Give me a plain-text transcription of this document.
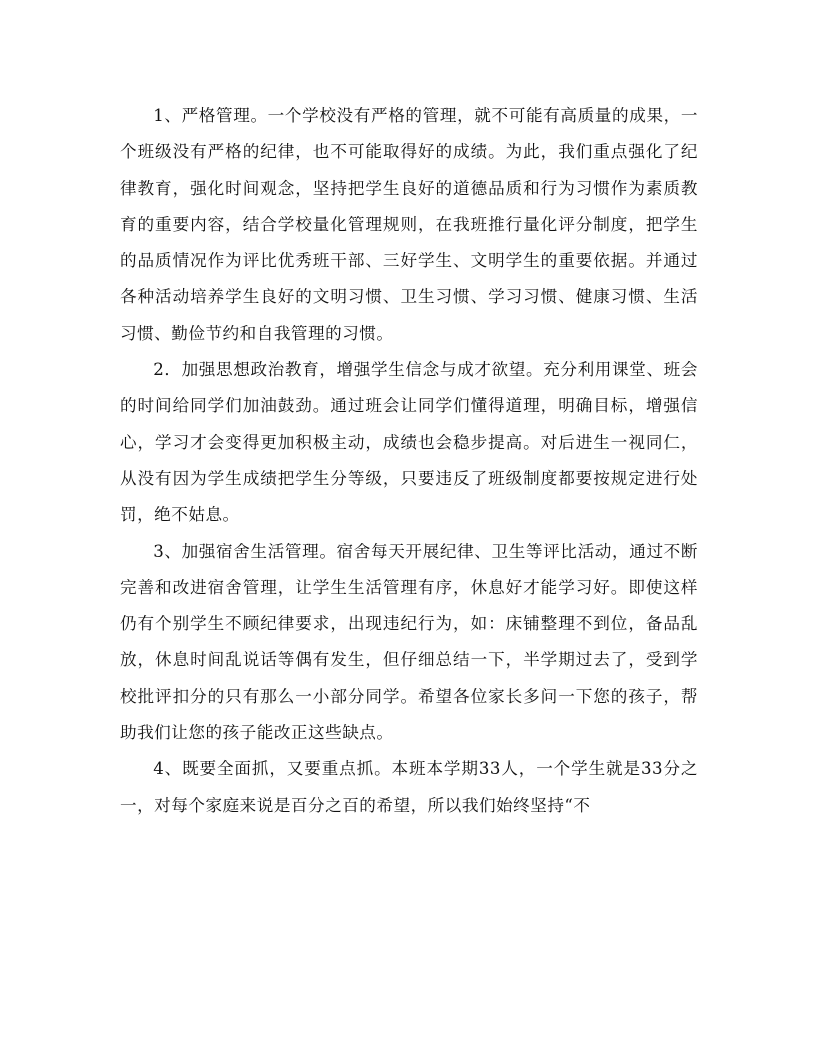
1、严格管理。一个学校没有严格的管理，就不可能有高质量的成果，一个班级没有严格的纪律，也不可能取得好的成绩。为此，我们重点强化了纪律教育，强化时间观念，坚持把学生良好的道德品质和行为习惯作为素质教育的重要内容，结合学校量化管理规则，在我班推行量化评分制度，把学生的品质情况作为评比优秀班干部、三好学生、文明学生的重要依据。并通过各种活动培养学生良好的文明习惯、卫生习惯、学习习惯、健康习惯、生活习惯、勤俭节约和自我管理的习惯。

2．加强思想政治教育，增强学生信念与成才欲望。充分利用课堂、班会的时间给同学们加油鼓劲。通过班会让同学们懂得道理，明确目标，增强信心，学习才会变得更加积极主动，成绩也会稳步提高。对后进生一视同仁，从没有因为学生成绩把学生分等级，只要违反了班级制度都要按规定进行处罚，绝不姑息。

3、加强宿舍生活管理。宿舍每天开展纪律、卫生等评比活动，通过不断完善和改进宿舍管理，让学生生活管理有序，休息好才能学习好。即使这样仍有个别学生不顾纪律要求，出现违纪行为，如：床铺整理不到位，备品乱放，休息时间乱说话等偶有发生，但仔细总结一下，半学期过去了，受到学校批评扣分的只有那么一小部分同学。希望各位家长多问一下您的孩子，帮助我们让您的孩子能改正这些缺点。

4、既要全面抓，又要重点抓。本班本学期33人，一个学生就是33分之一，对每个家庭来说是百分之百的希望，所以我们始终坚持“不
